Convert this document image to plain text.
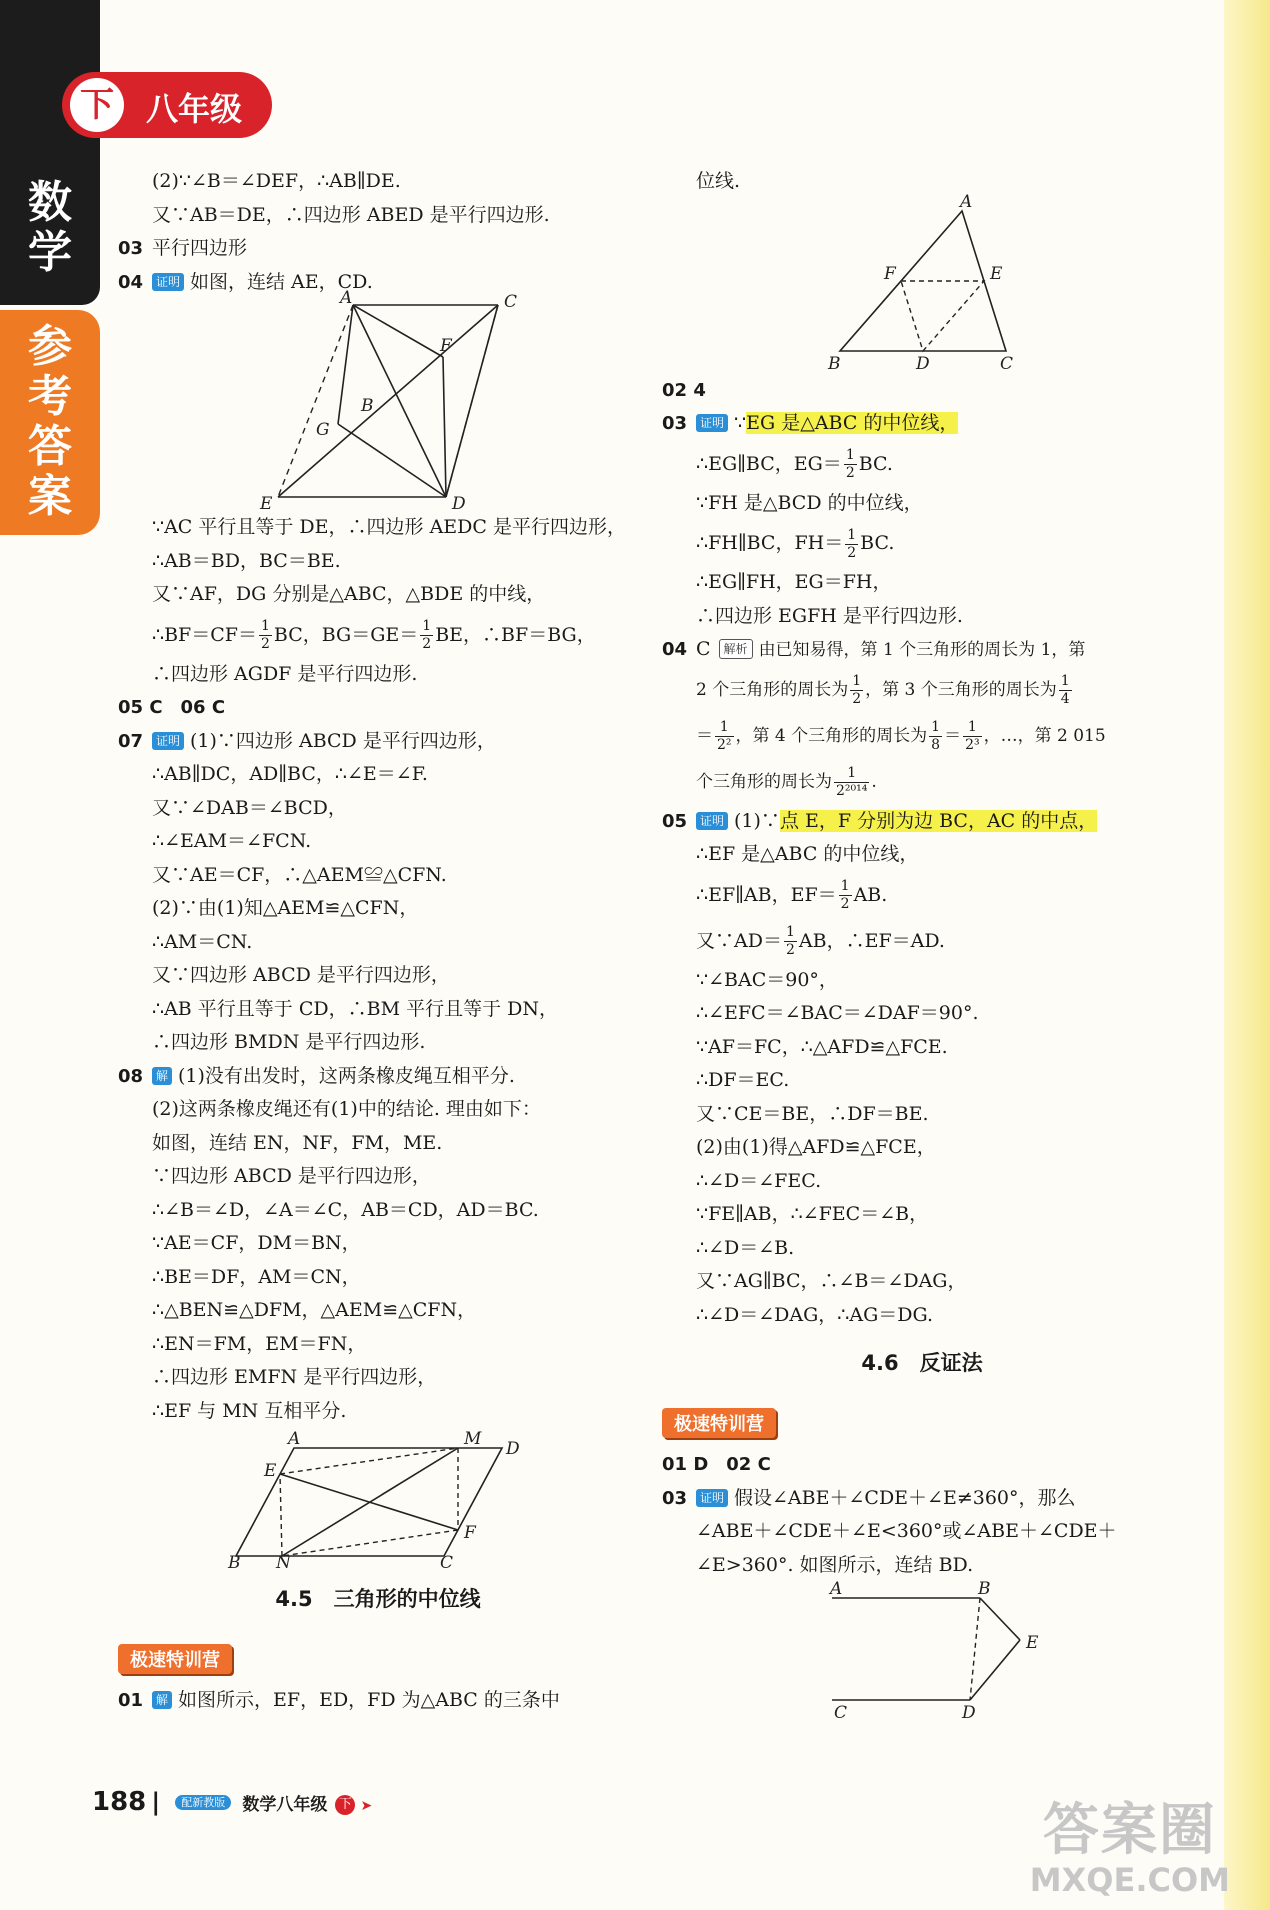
数
学
参
考
答
案
下	八年级
(2)∵∠B＝∠DEF，∴AB∥DE.
又∵AB＝DE，∴四边形 ABED 是平行四边形.
03 平行四边形
04 证明 如图，连结 AE，CD.
A	C
F
B
G
E	D
∵AC 平行且等于 DE，∴四边形 AEDC 是平行四边形，
∴AB＝BD，BC＝BE.
又∵AF，DG 分别是△ABC，△BDE 的中线，
∴BF＝CF＝ $\frac{1}{2}$ BC，$BG=GE= \frac{1}{2}$ BE，∴BF＝BG，
∴四边形 AGDF 是平行四边形.
05 C　06 C
07 证明 (1)∵四边形 ABCD 是平行四边形，
∴AB∥DC，AD∥BC，∴∠E＝∠F.
又∵∠DAB＝∠BCD，
∴∠EAM＝∠FCN.
又∵AE＝CF，∴△AEM≌△CFN.
(2)∵由(1)知△AEM≌△CFN，
∴AM＝CN.
又∵四边形 ABCD 是平行四边形，
∴AB 平行且等于 CD，∴BM 平行且等于 DN，
∴四边形 BMDN 是平行四边形.
08 解 (1)没有出发时，这两条橡皮绳互相平分.
(2)这两条橡皮绳还有(1)中的结论. 理由如下：
如图，连结 EN，NF，FM，ME.
∵四边形 ABCD 是平行四边形，
∴∠B＝∠D，∠A＝∠C，AB＝CD，AD＝BC.
∵AE＝CF，DM＝BN，
∴BE＝DF，AM＝CN，
∴△BEN≌△DFM，△AEM≌△CFN，
∴EN＝FM，EM＝FN，
∴四边形 EMFN 是平行四边形，
∴EF 与 MN 互相平分.
A	M D
E
F
B N	C
4.5　三角形的中位线
极速特训营
01 解 如图所示，EF，ED，FD 为△ABC 的三条中
位线.
A
F	E
B	D	C
02 4
03 证明 ∵EG 是△ABC 的中位线，
∴EG∥BC，$EG= \frac{1}{2}$ BC.
∵FH 是△BCD 的中位线，
∴FH∥BC，$FH= \frac{1}{2}$ BC.
∴EG∥FH，EG＝FH，
∴四边形 EGFH 是平行四边形.
04 C 解析 由已知易得，第 1 个三角形的周长为 1，第
2 个三角形的周长为 $\frac{1}{2}$ ，第 3 个三角形的周长为 $\frac{1}{4}$
＝ $\frac{1}{\text{2²}}$ ，第 4 个三角形的周长为 $\frac{1}{8} = \frac{1}{\text{2³}}$ ，…，第 2 015
个三角形的周长为 $\frac{1}{\text{2²⁰¹⁴}}$ .
05 证明 (1)∵点 E，F 分别为边 BC，AC 的中点，
∴EF 是△ABC 的中位线，
∴EF∥AB，$EF= \frac{1}{2}$ AB.
又∵AD＝ $\frac{1}{2}$ AB，∴EF＝AD.
∵∠BAC＝90°，
∴∠EFC＝∠BAC＝∠DAF＝90°.
∵AF＝FC，∴△AFD≌△FCE.
∴DF＝EC.
又∵CE＝BE，∴DF＝BE.
(2)由(1)得△AFD≌△FCE，
∴∠D＝∠FEC.
∵FE∥AB，∴∠FEC＝∠B，
∴∠D＝∠B.
又∵AG∥BC，∴∠B＝∠DAG，
∴∠D＝∠DAG，∴AG＝DG.
4.6　反证法
极速特训营
01 D　02 C
03 证明 假设∠ABE＋∠CDE＋∠E≠360°，那么
∠ABE＋∠CDE＋∠E<360°或∠ABE＋∠CDE＋
∠E>360°. 如图所示，连结 BD.
A	B
E
C	D
188 | $^{配新教版}$ 数学八年级 下 ➤	答案圈
MXQE.COM
